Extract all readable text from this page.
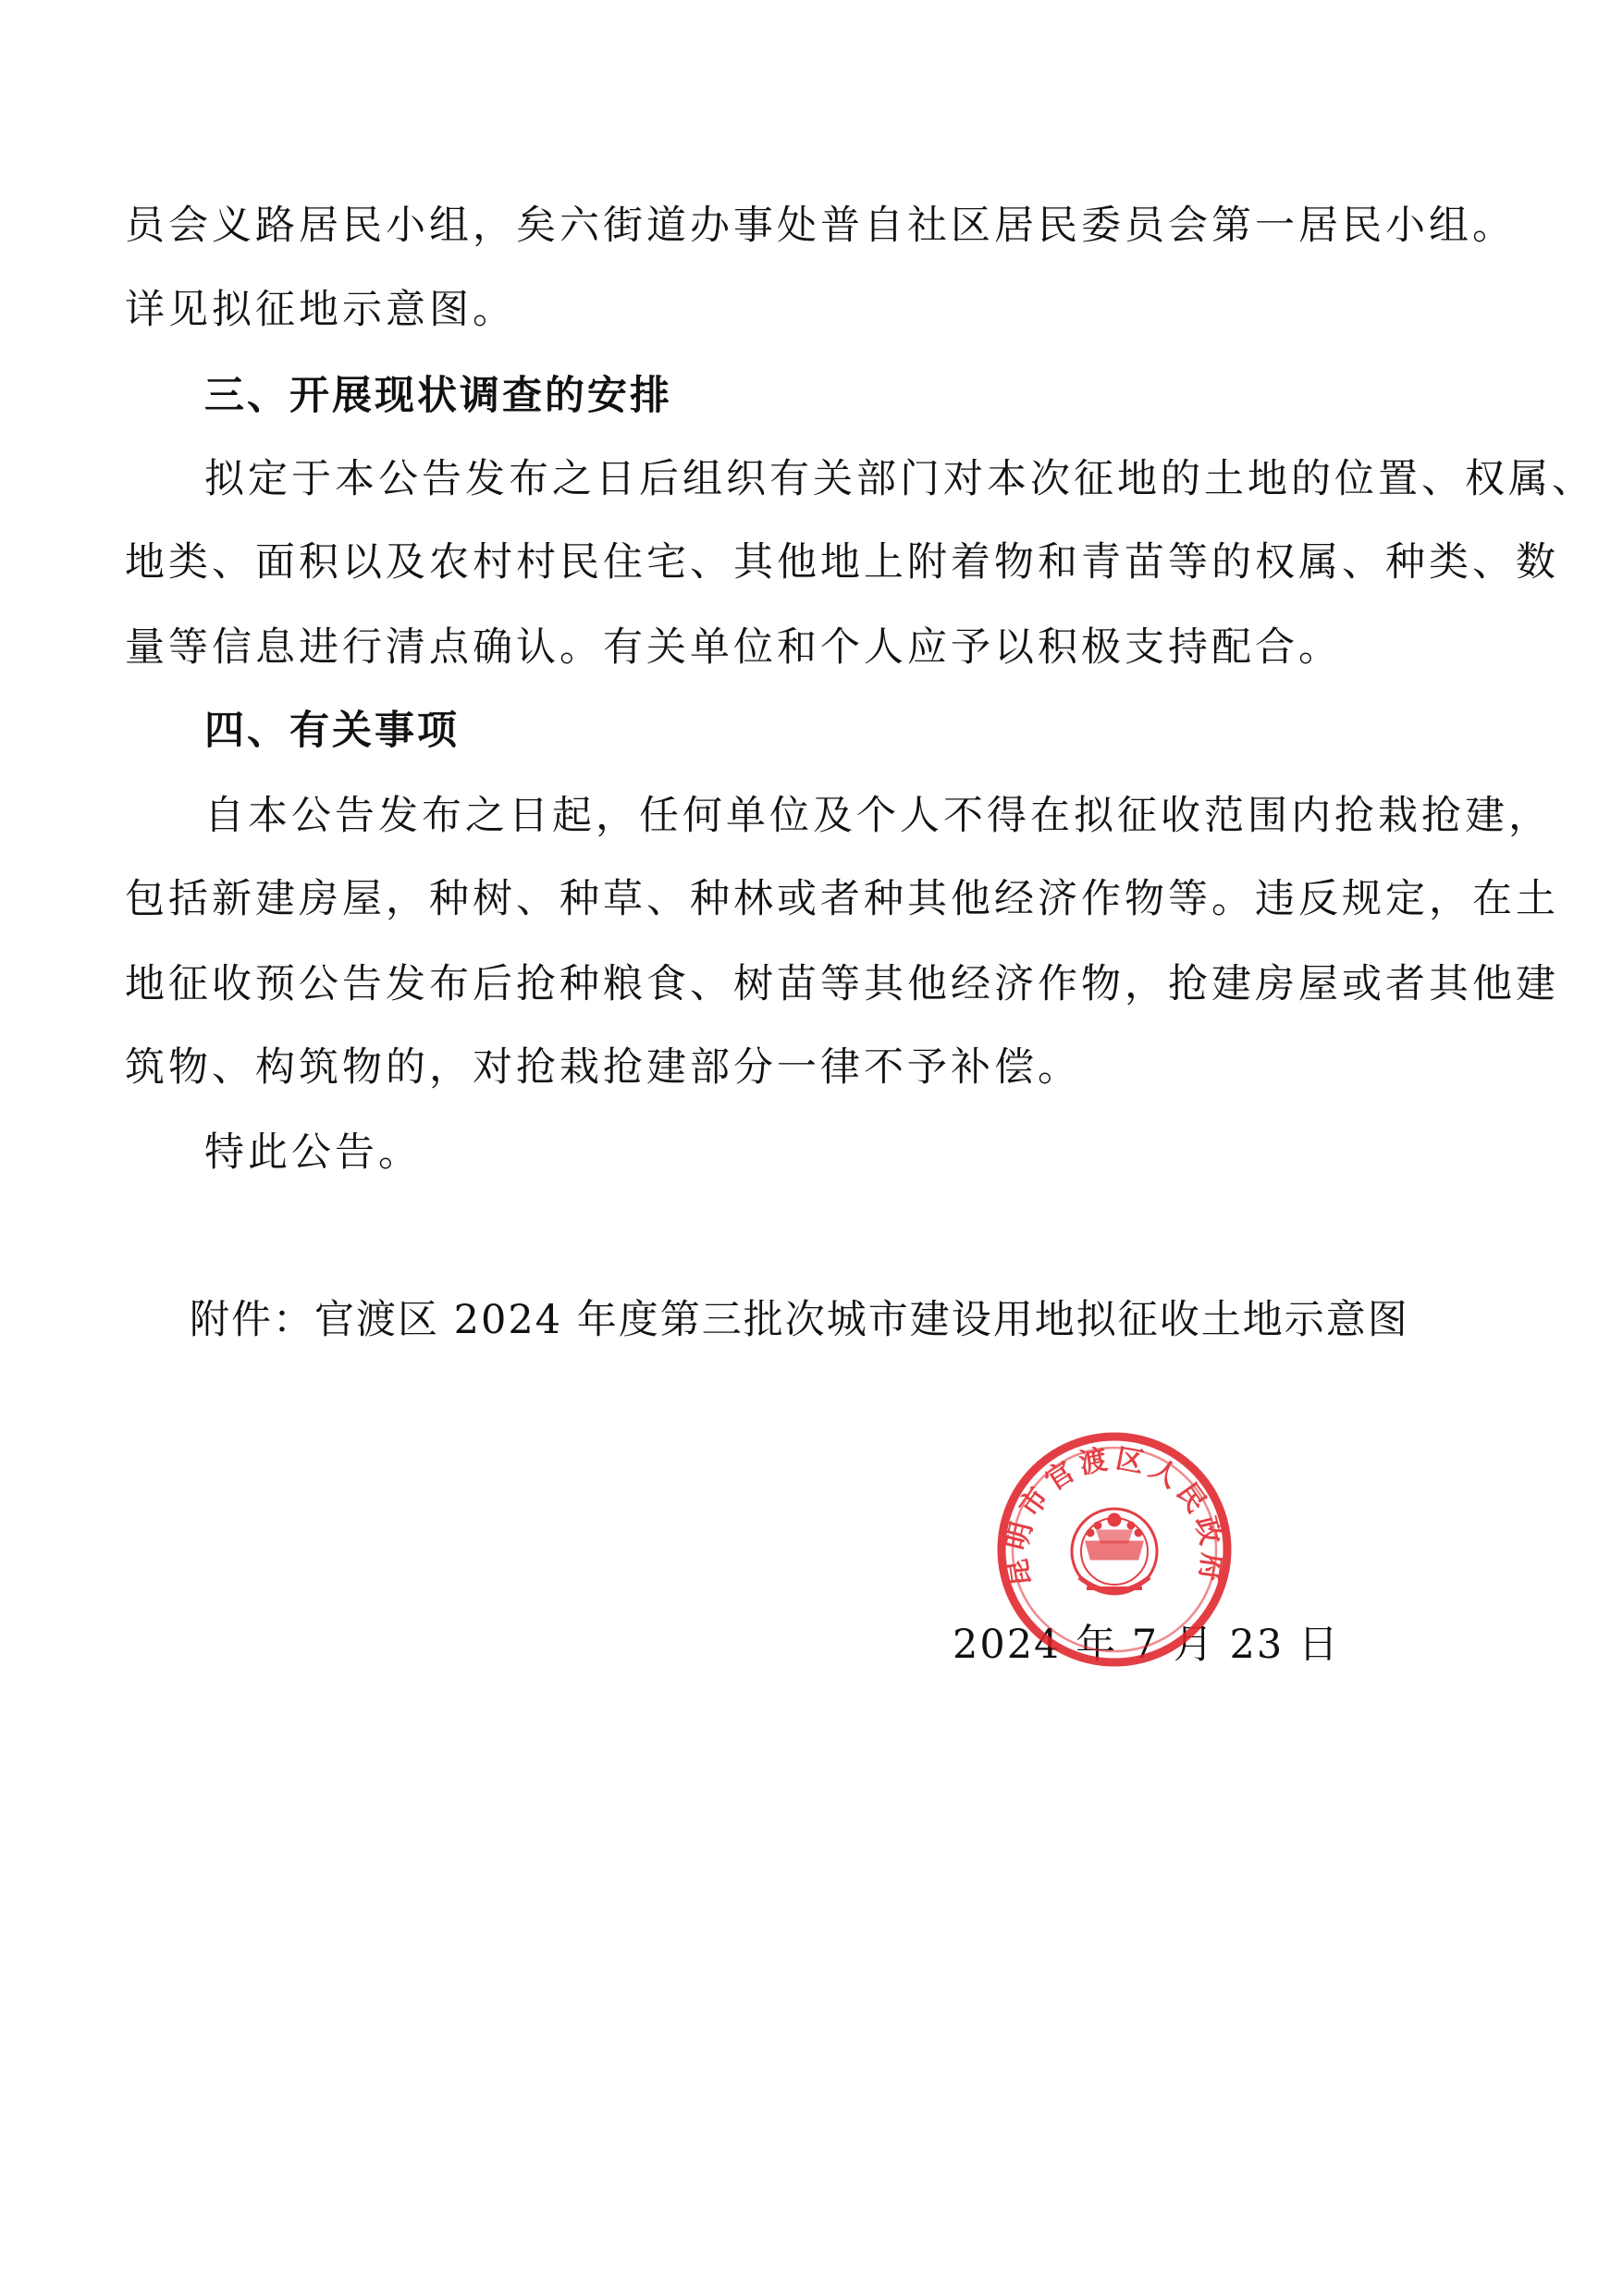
员会义路居民小组，矣六街道办事处普自社区居民委员会第一居民小组。
详见拟征地示意图。
三、开展现状调查的安排
拟定于本公告发布之日后组织有关部门对本次征地的土地的位置、权属、
地类、面积以及农村村民住宅、其他地上附着物和青苗等的权属、种类、数
量等信息进行清点确认。有关单位和个人应予以积极支持配合。
四、有关事项
自本公告发布之日起，任何单位及个人不得在拟征收范围内抢栽抢建，
包括新建房屋，种树、种草、种林或者种其他经济作物等。违反规定，在土
地征收预公告发布后抢种粮食、树苗等其他经济作物，抢建房屋或者其他建
筑物、构筑物的，对抢栽抢建部分一律不予补偿。
特此公告。
附件：官渡区 2024 年度第三批次城市建设用地拟征收土地示意图
昆明市官渡区人民政府
2024 年 7 月 23 日
